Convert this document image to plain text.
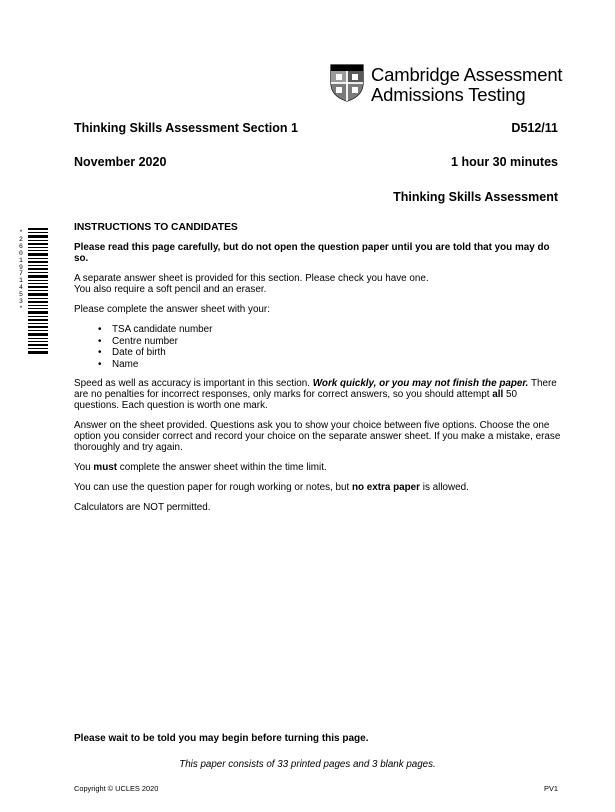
Cambridge Assessment
Admissions Testing
Thinking Skills Assessment Section 1	D512/11
November 2020	1 hour 30 minutes
Thinking Skills Assessment
*
2
6
0
1
9
7
1
4
5
3
*
INSTRUCTIONS TO CANDIDATES

Please read this page carefully, but do not open the question paper until you are told that you may do so.

A separate answer sheet is provided for this section. Please check you have one.
You also require a soft pencil and an eraser.

Please complete the answer sheet with your:

• TSA candidate number
• Centre number
• Date of birth
• Name

Speed as well as accuracy is important in this section. Work quickly, or you may not finish the paper. There are no penalties for incorrect responses, only marks for correct answers, so you should attempt all 50 questions. Each question is worth one mark.

Answer on the sheet provided. Questions ask you to show your choice between five options. Choose the one option you consider correct and record your choice on the separate answer sheet. If you make a mistake, erase thoroughly and try again.

You must complete the answer sheet within the time limit.

You can use the question paper for rough working or notes, but no extra paper is allowed.

Calculators are NOT permitted.

Please wait to be told you may begin before turning this page.
This paper consists of 33 printed pages and 3 blank pages.
Copyright © UCLES 2020	PV1
